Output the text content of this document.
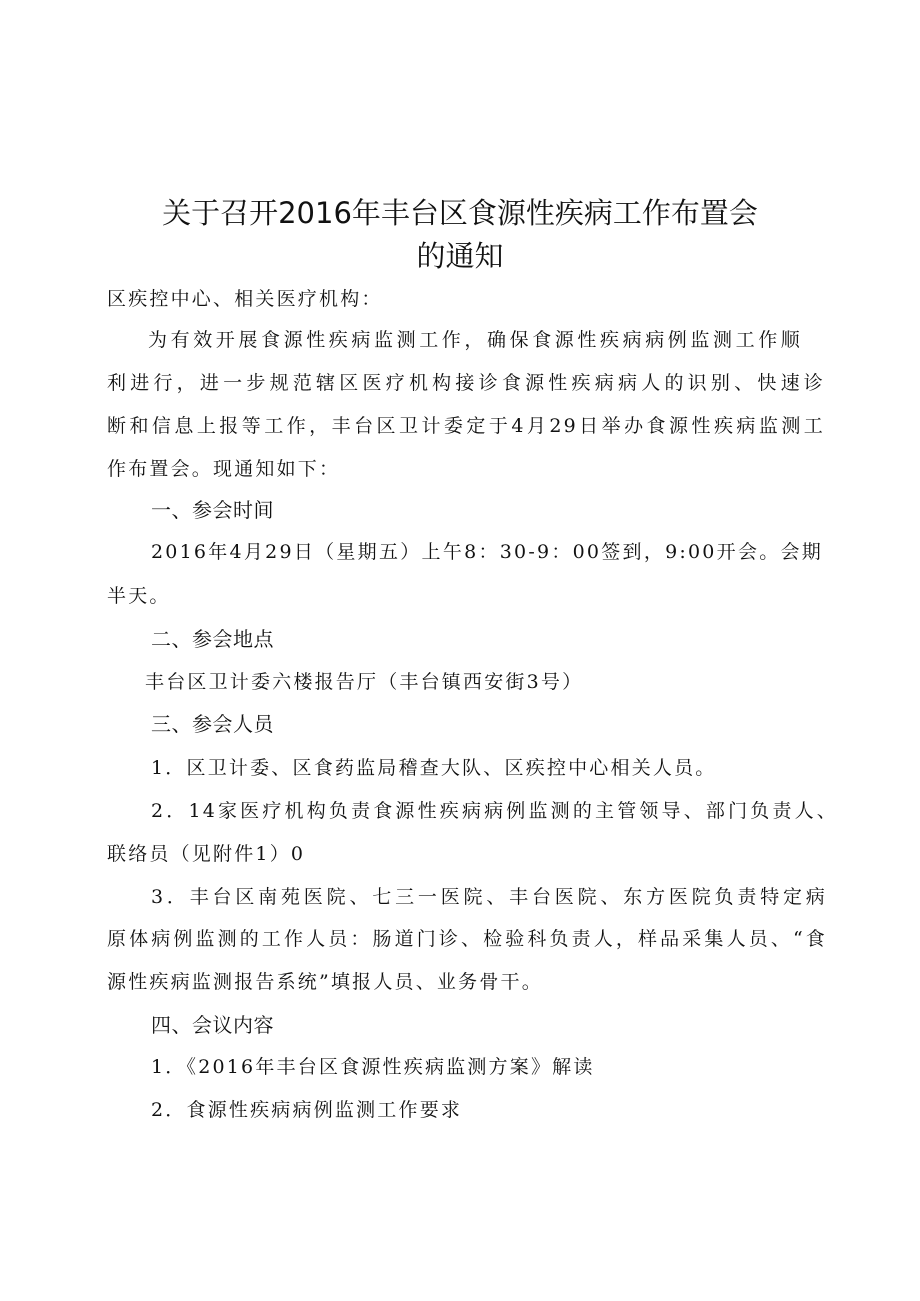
关于召开2016年丰台区食源性疾病工作布置会
的通知

区疾控中心、相关医疗机构：

为有效开展食源性疾病监测工作，确保食源性疾病病例监测工作顺

利进行，进一步规范辖区医疗机构接诊食源性疾病病人的识别、快速诊

断和信息上报等工作，丰台区卫计委定于4月29日举办食源性疾病监测工

作布置会。现通知如下：

一、参会时间

2016年4月29日（星期五）上午8：30-9：00签到，9:00开会。会期

半天。

二、参会地点

丰台区卫计委六楼报告厅（丰台镇西安街3号）

三、参会人员

1．区卫计委、区食药监局稽查大队、区疾控中心相关人员。

2．14家医疗机构负责食源性疾病病例监测的主管领导、部门负责人、

联络员（见附件1）0

3．丰台区南苑医院、七三一医院、丰台医院、东方医院负责特定病

原体病例监测的工作人员：肠道门诊、检验科负责人，样品采集人员、“食

源性疾病监测报告系统”填报人员、业务骨干。

四、会议内容

1．《2016年丰台区食源性疾病监测方案》解读

2．食源性疾病病例监测工作要求
